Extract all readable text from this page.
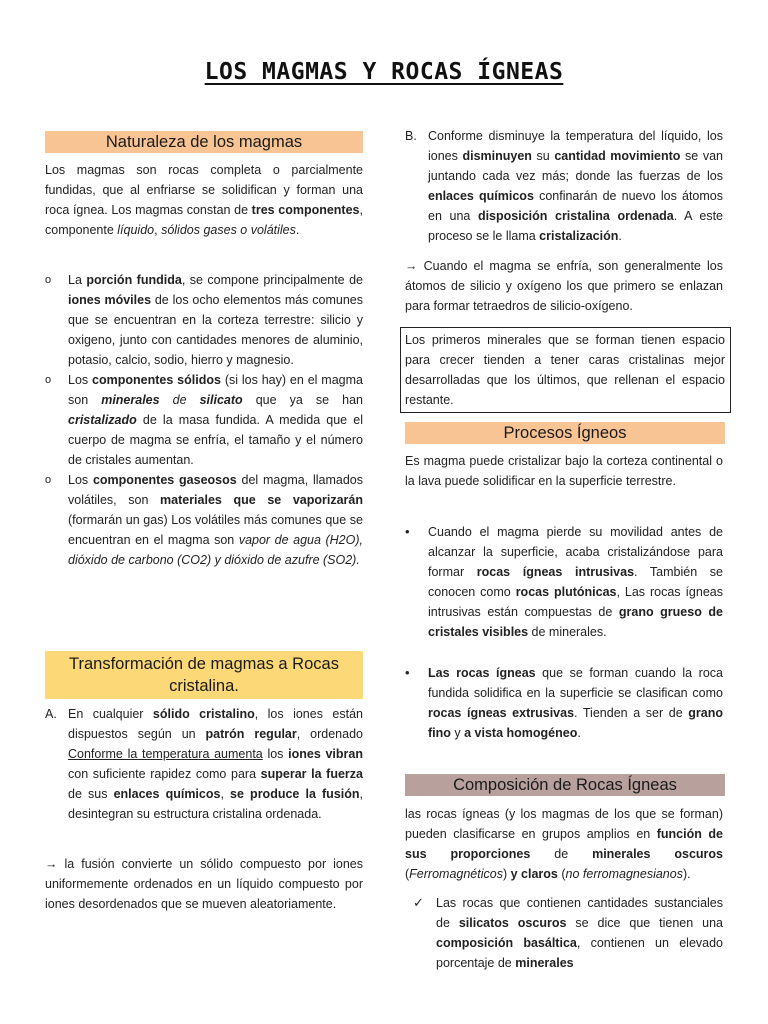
LOS MAGMAS Y ROCAS ÍGNEAS
Naturaleza de los magmas

Los magmas son rocas completa o parcialmente fundidas, que al enfriarse se solidifican y forman una roca ígnea. Los magmas constan de tres componentes, componente líquido, sólidos gases o volátiles.

o La porción fundida, se compone principalmente de iones móviles de los ocho elementos más comunes que se encuentran en la corteza terrestre: silicio y oxigeno, junto con cantidades menores de aluminio, potasio, calcio, sodio, hierro y magnesio.
o Los componentes sólidos (si los hay) en el magma son minerales de silicato que ya se han cristalizado de la masa fundida. A medida que el cuerpo de magma se enfría, el tamaño y el número de cristales aumentan.
o Los componentes gaseosos del magma, llamados volátiles, son materiales que se vaporizarán (formarán un gas) Los volátiles más comunes que se encuentran en el magma son vapor de agua (H2O), dióxido de carbono (CO2) y dióxido de azufre (SO2).
Transformación de magmas a Rocas cristalina.
A. En cualquier sólido cristalino, los iones están dispuestos según un patrón regular, ordenado Conforme la temperatura aumenta los iones vibran con suficiente rapidez como para superar la fuerza de sus enlaces químicos, se produce la fusión, desintegran su estructura cristalina ordenada.
→ la fusión convierte un sólido compuesto por iones uniformemente ordenados en un líquido compuesto por iones desordenados que se mueven aleatoriamente.
B. Conforme disminuye la temperatura del líquido, los iones disminuyen su cantidad movimiento se van juntando cada vez más; donde las fuerzas de los enlaces químicos confinarán de nuevo los átomos en una disposición cristalina ordenada. A este proceso se le llama cristalización.
→ Cuando el magma se enfría, son generalmente los átomos de silicio y oxígeno los que primero se enlazan para formar tetraedros de silicio-oxígeno.
Los primeros minerales que se forman tienen espacio para crecer tienden a tener caras cristalinas mejor desarrolladas que los últimos, que rellenan el espacio restante.
Procesos Ígneos
Es magma puede cristalizar bajo la corteza continental o la lava puede solidificar en la superficie terrestre.
• Cuando el magma pierde su movilidad antes de alcanzar la superficie, acaba cristalizándose para formar rocas ígneas intrusivas. También se conocen como rocas plutónicas, Las rocas ígneas intrusivas están compuestas de grano grueso de cristales visibles de minerales.
• Las rocas ígneas que se forman cuando la roca fundida solidifica en la superficie se clasifican como rocas ígneas extrusivas. Tienden a ser de grano fino y a vista homogéneo.
Composición de Rocas Ígneas

las rocas ígneas (y los magmas de los que se forman) pueden clasificarse en grupos amplios en función de sus proporciones de minerales oscuros (Ferromagnéticos) y claros (no ferromagnesianos).

✓ Las rocas que contienen cantidades sustanciales de silicatos oscuros se dice que tienen una composición basáltica, contienen un elevado porcentaje de minerales
